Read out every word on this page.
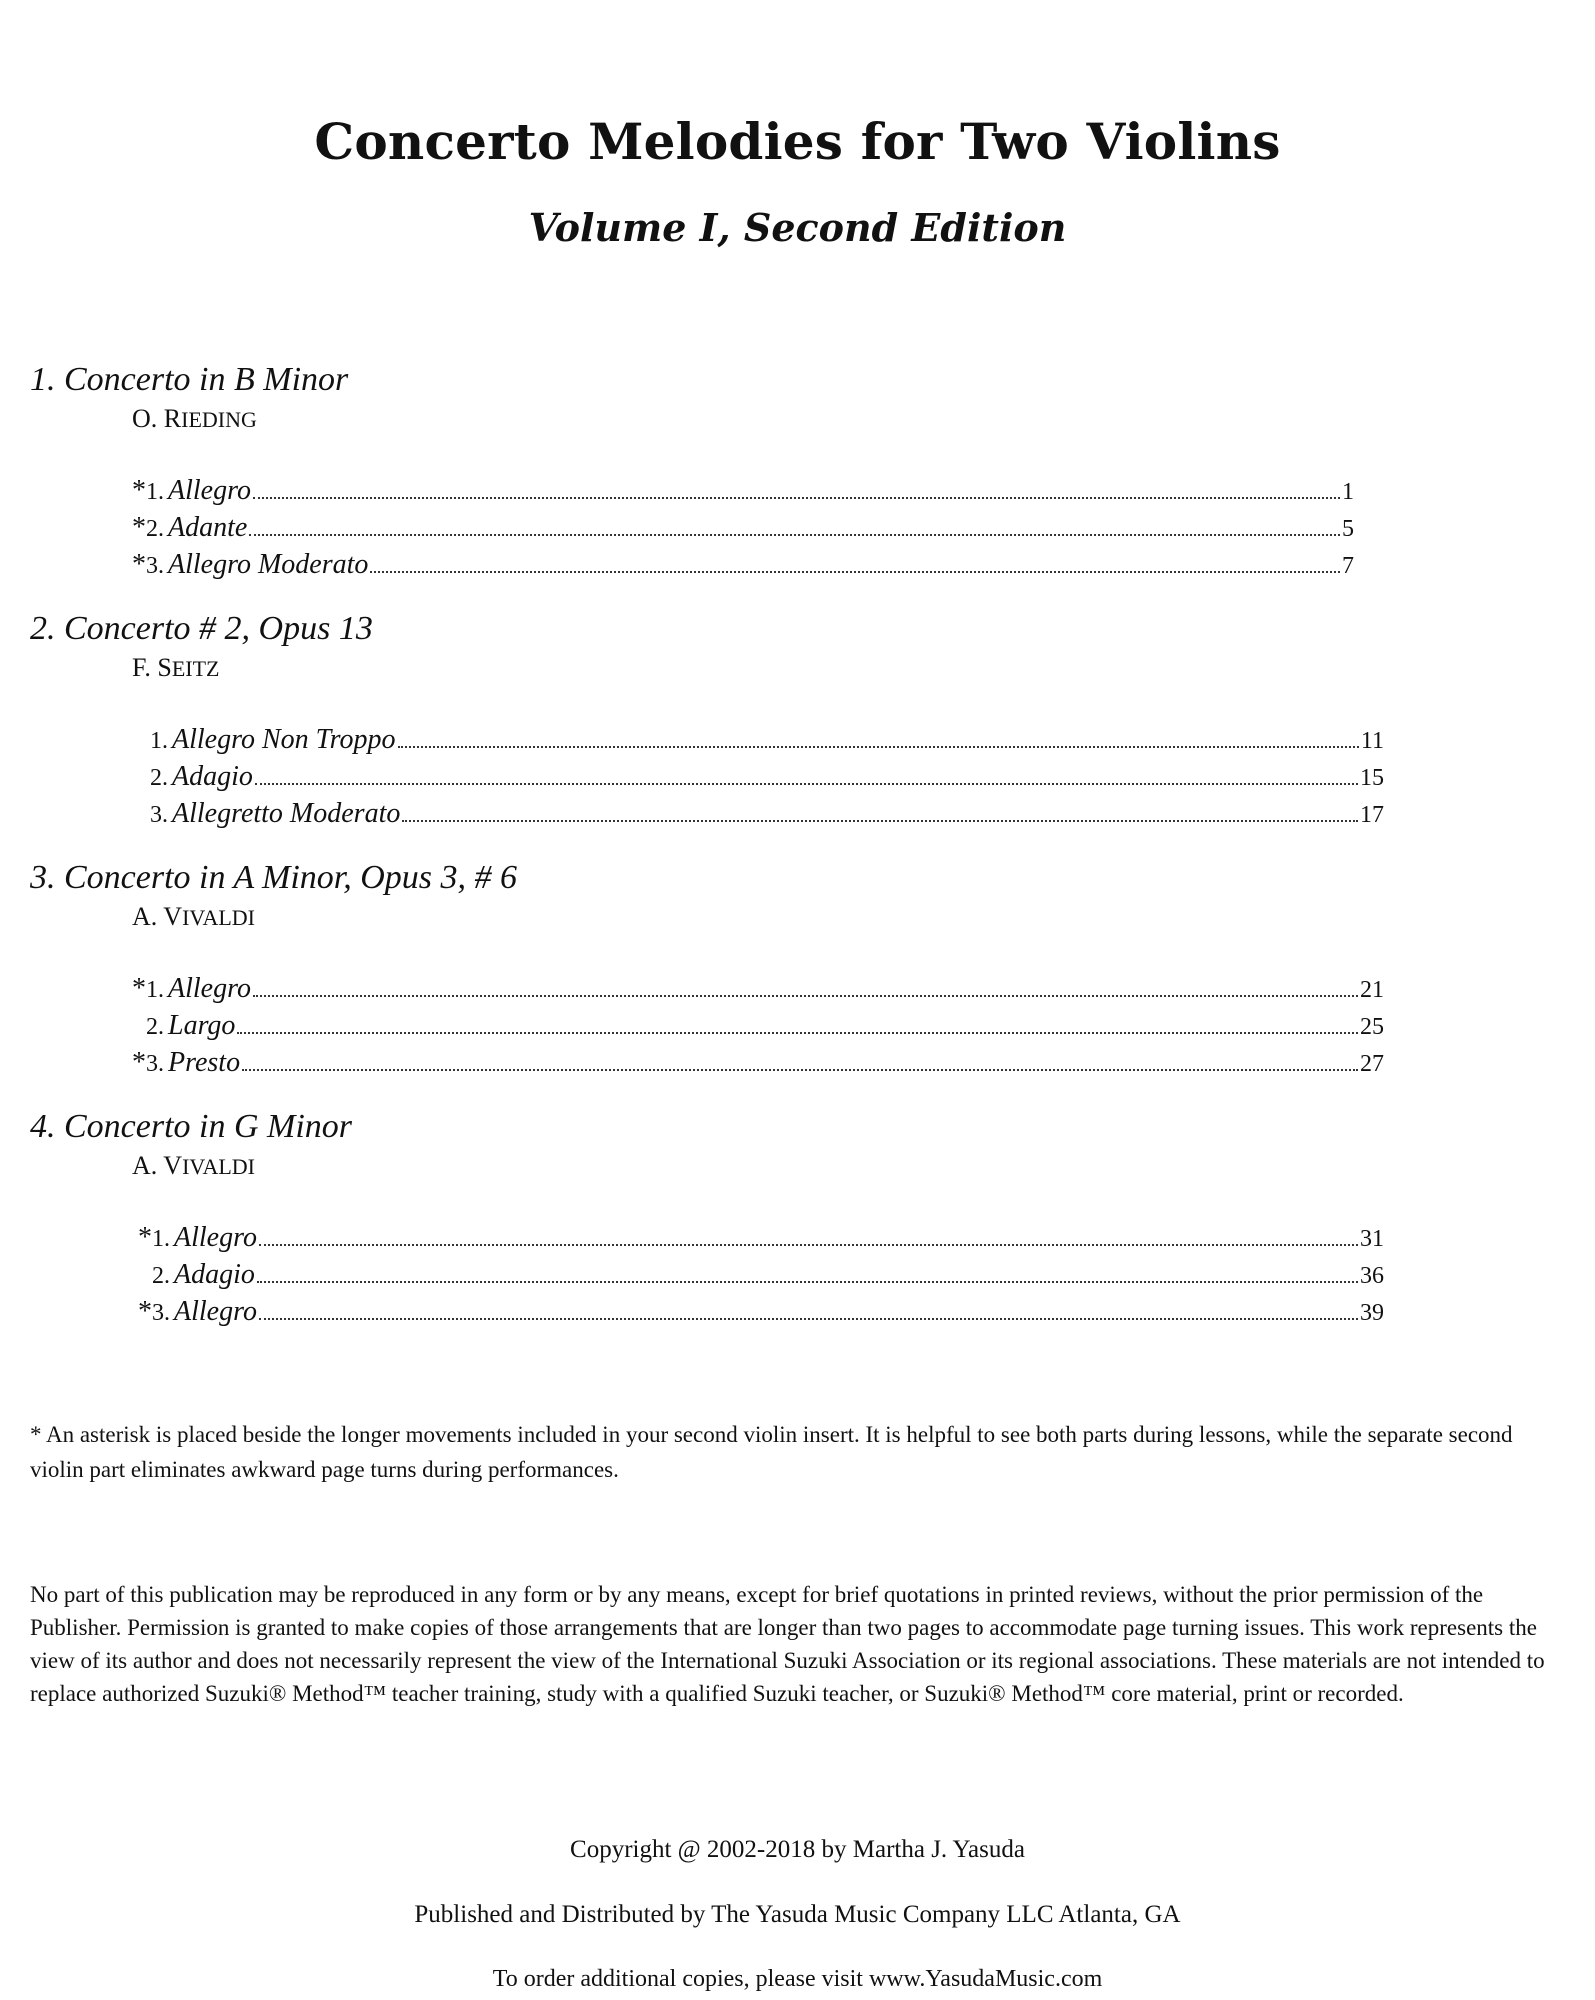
Concerto Melodies for Two Violins
Volume I, Second Edition
1. Concerto in B Minor
O. RIEDING
* 1. Allegro	1
* 2. Adante	5
* 3. Allegro Moderato	7
2. Concerto # 2, Opus 13
F. SEITZ
1. Allegro Non Troppo	11
2. Adagio	15
3. Allegretto Moderato	17
3. Concerto in A Minor, Opus 3, # 6
A. VIVALDI
* 1. Allegro	21
2. Largo	25
* 3. Presto	27
4. Concerto in G Minor
A. VIVALDI
* 1. Allegro	31
2. Adagio	36
* 3. Allegro	39
* An asterisk is placed beside the longer movements included in your second violin insert. It is helpful to see both parts during lessons, while the separate second violin part eliminates awkward page turns during performances.
No part of this publication may be reproduced in any form or by any means, except for brief quotations in printed reviews, without the prior permission of the Publisher. Permission is granted to make copies of those arrangements that are longer than two pages to accommodate page turning issues. This work represents the view of its author and does not necessarily represent the view of the International Suzuki Association or its regional associations. These materials are not intended to replace authorized Suzuki® Method™ teacher training, study with a qualified Suzuki teacher, or Suzuki® Method™ core material, print or recorded.
Copyright @ 2002-2018 by Martha J. Yasuda
Published and Distributed by The Yasuda Music Company LLC Atlanta, GA
To order additional copies, please visit www.YasudaMusic.com
